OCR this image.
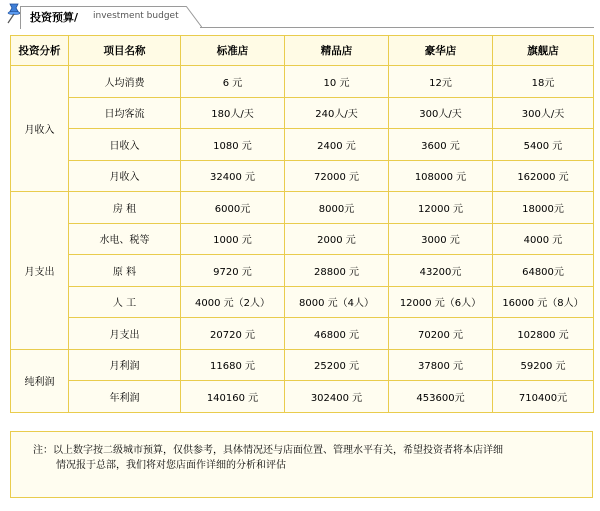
投资预算/ investment budget
投资分析	项目名称	标准店	精品店	豪华店	旗舰店
月收入	人均消费	6 元	10 元	12元	18元
	日均客流	180人/天	240人/天	300人/天	300人/天
	日收入	1080 元	2400 元	3600 元	5400 元
	月收入	32400 元	72000 元	108000 元	162000 元
月支出	房 租	6000元	8000元	12000 元	18000元
	水电、税等	1000 元	2000 元	3000 元	4000 元
	原 料	9720 元	28800 元	43200元	64800元
	人 工	4000 元（2人）	8000 元（4人）	12000 元（6人）	16000 元（8人）
	月支出	20720 元	46800 元	70200 元	102800 元
纯利润	月利润	11680 元	25200 元	37800 元	59200 元
	年利润	140160 元	302400 元	453600元	710400元
注：以上数字按二级城市预算，仅供参考，具体情况还与店面位置、管理水平有关，希望投资者将本店详细
情况报于总部，我们将对您店面作详细的分析和评估
